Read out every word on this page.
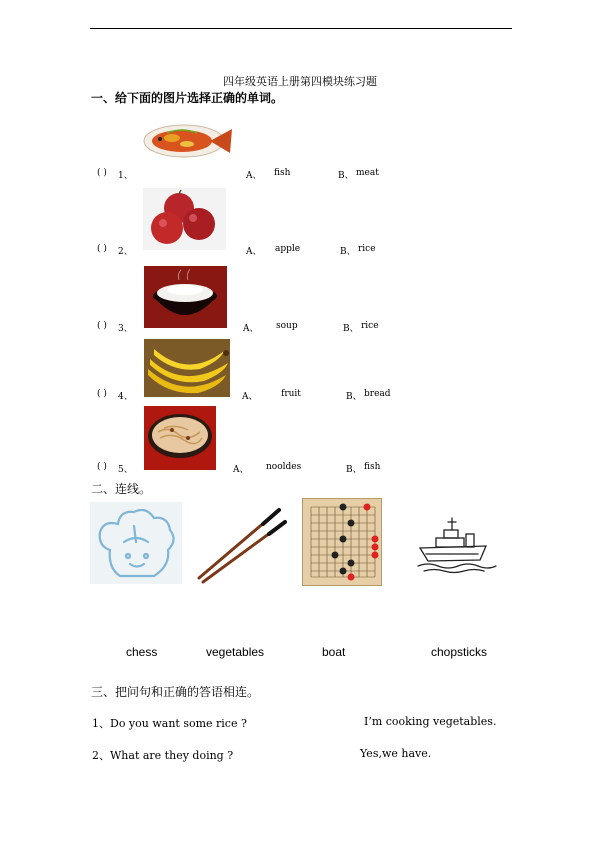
四年级英语上册第四模块练习题
一、给下面的图片选择正确的单词。
( ) 1、	A、 fish	B、 meat
( ) 2、	A、 apple	B、 rice
( ) 3、	A、 soup	B、 rice
( ) 4、	A、	fruit	B、 bread
( ) 5、	A、 nooldes	B、 fish
二、连线。
chess	vegetables	boat	chopsticks
三、把问句和正确的答语相连。
1、Do you want some rice ?	I’m cooking vegetables.
2、What are they doing ?	Yes,we have.
